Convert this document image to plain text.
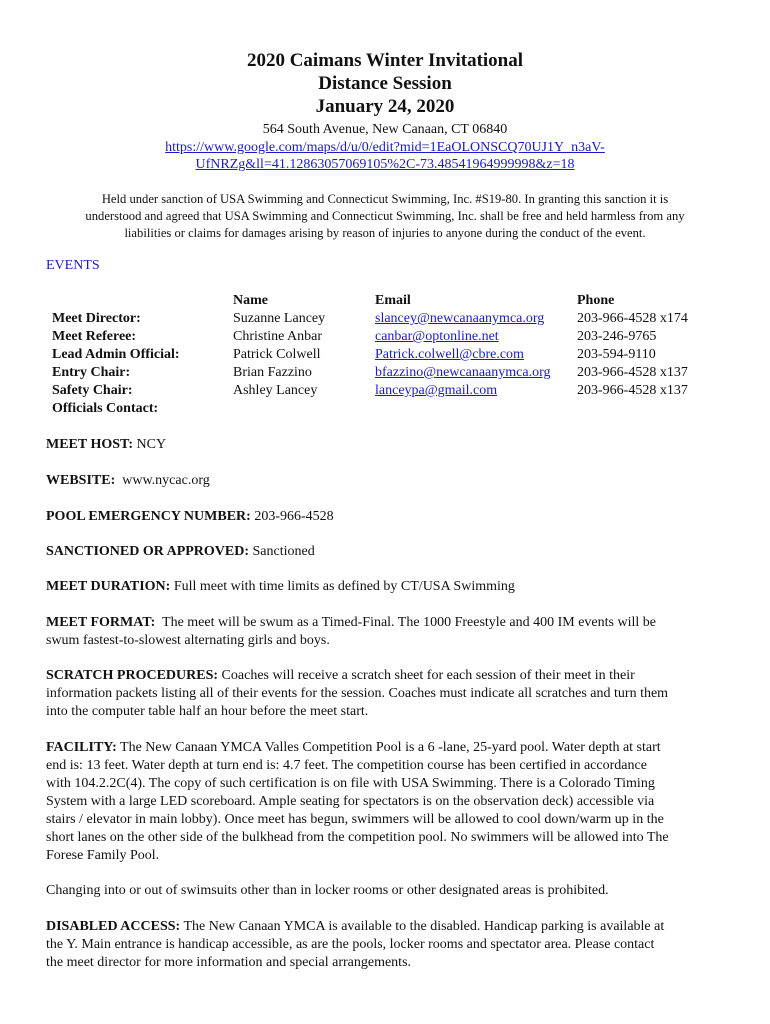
2020 Caimans Winter Invitational
Distance Session
January 24, 2020
564 South Avenue, New Canaan, CT 06840
https://www.google.com/maps/d/u/0/edit?mid=1EaOLONSCQ70UJ1Y_n3aV-
UfNRZg&ll=41.12863057069105%2C-73.48541964999998&z=18
Held under sanction of USA Swimming and Connecticut Swimming, Inc. #S19-80. In granting this sanction it is
understood and agreed that USA Swimming and Connecticut Swimming, Inc. shall be free and held harmless from any
liabilities or claims for damages arising by reason of injuries to anyone during the conduct of the event.
EVENTS
Meet Director:
Meet Referee:
Lead Admin Official:
Entry Chair:
Safety Chair:
Officials Contact:
Name
Suzanne Lancey
Christine Anbar
Patrick Colwell
Brian Fazzino
Ashley Lancey
Email
slancey@newcanaanymca.org
canbar@optonline.net
Patrick.colwell@cbre.com
bfazzino@newcanaanymca.org
lanceypa@gmail.com
Phone
203-966-4528 x174
203-246-9765
203-594-9110
203-966-4528 x137
203-966-4528 x137
MEET HOST: NCY
WEBSITE:  www.nycac.org
POOL EMERGENCY NUMBER: 203-966-4528
SANCTIONED OR APPROVED: Sanctioned
MEET DURATION: Full meet with time limits as defined by CT/USA Swimming
MEET FORMAT:  The meet will be swum as a Timed-Final. The 1000 Freestyle and 400 IM events will be
swum fastest-to-slowest alternating girls and boys.
SCRATCH PROCEDURES: Coaches will receive a scratch sheet for each session of their meet in their
information packets listing all of their events for the session. Coaches must indicate all scratches and turn them
into the computer table half an hour before the meet start.
FACILITY: The New Canaan YMCA Valles Competition Pool is a 6 -lane, 25-yard pool. Water depth at start
end is: 13 feet. Water depth at turn end is: 4.7 feet. The competition course has been certified in accordance
with 104.2.2C(4). The copy of such certification is on file with USA Swimming. There is a Colorado Timing
System with a large LED scoreboard. Ample seating for spectators is on the observation deck) accessible via
stairs / elevator in main lobby). Once meet has begun, swimmers will be allowed to cool down/warm up in the
short lanes on the other side of the bulkhead from the competition pool. No swimmers will be allowed into The
Forese Family Pool.
Changing into or out of swimsuits other than in locker rooms or other designated areas is prohibited.
DISABLED ACCESS: The New Canaan YMCA is available to the disabled. Handicap parking is available at
the Y. Main entrance is handicap accessible, as are the pools, locker rooms and spectator area. Please contact
the meet director for more information and special arrangements.
